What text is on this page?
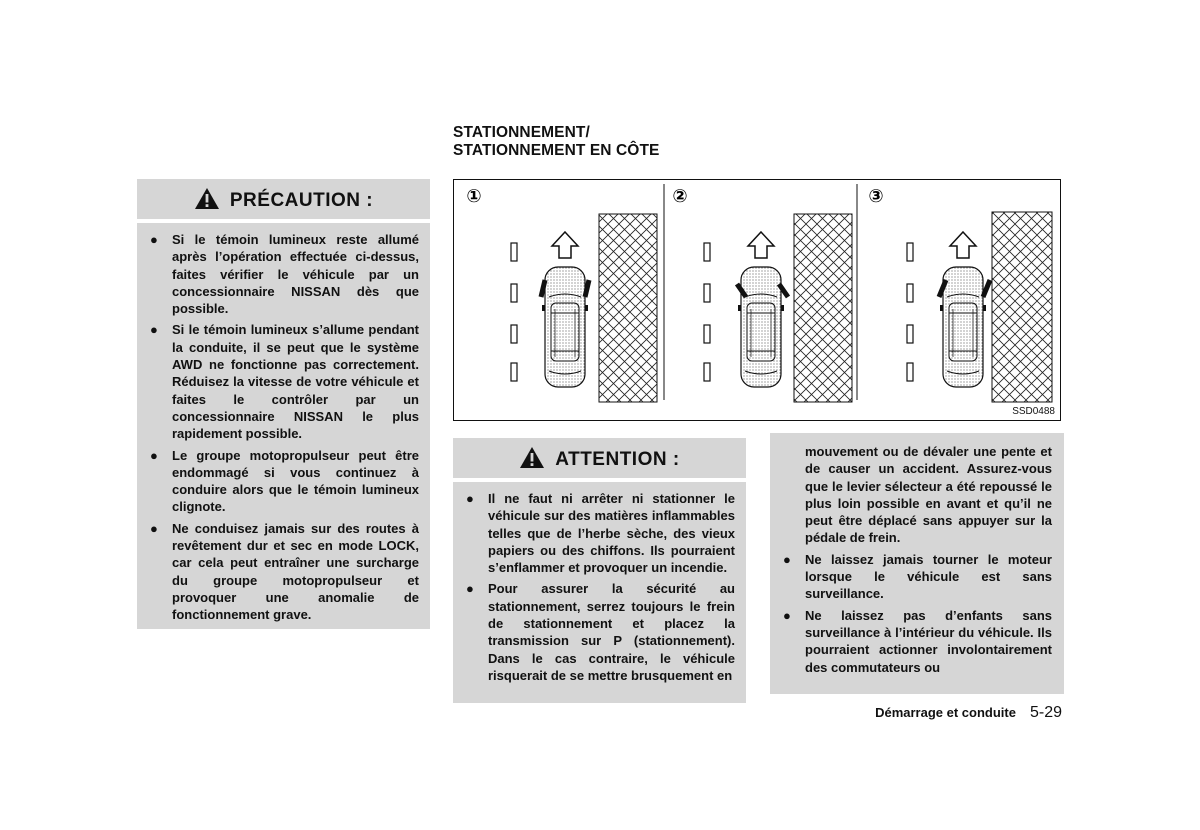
STATIONNEMENT/
STATIONNEMENT EN CÔTE
PRÉCAUTION :
● Si le témoin lumineux reste allumé après l’opération effectuée ci-dessus, faites vérifier le véhicule par un concessionnaire NISSAN dès que possible.
● Si le témoin lumineux s’allume pendant la conduite, il se peut que le système AWD ne fonctionne pas correctement. Réduisez la vitesse de votre véhicule et faites le contrôler par un concessionnaire NISSAN le plus rapidement possible.
● Le groupe motopropulseur peut être endommagé si vous continuez à conduire alors que le témoin lumineux clignote.
● Ne conduisez jamais sur des routes à revêtement dur et sec en mode LOCK, car cela peut entraîner une surcharge du groupe motopropulseur et provoquer une anomalie de fonctionnement grave.
①	②	③
SSD0488
ATTENTION :
● Il ne faut ni arrêter ni stationner le véhicule sur des matières inflammables telles que de l’herbe sèche, des vieux papiers ou des chiffons. Ils pourraient s’enflammer et provoquer un incendie.
● Pour assurer la sécurité au stationnement, serrez toujours le frein de stationnement et placez la transmission sur P (stationnement). Dans le cas contraire, le véhicule risquerait de se mettre brusquement en
mouvement ou de dévaler une pente et de causer un accident. Assurez-vous que le levier sélecteur a été repoussé le plus loin possible en avant et qu’il ne peut être déplacé sans appuyer sur la pédale de frein.
● Ne laissez jamais tourner le moteur lorsque le véhicule est sans surveillance.
● Ne laissez pas d’enfants sans surveillance à l’intérieur du véhicule. Ils pourraient actionner involontairement des commutateurs ou
Démarrage et conduite 5-29
